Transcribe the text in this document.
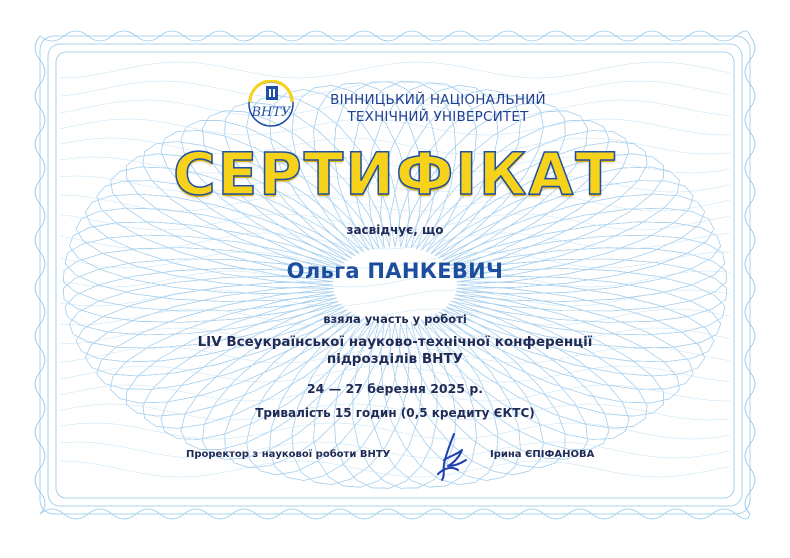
ВНТУ
ВІННИЦЬКИЙ НАЦІОНАЛЬНИЙ
ТЕХНІЧНИЙ УНІВЕРСИТЕТ
СЕРТИФІКАТ
засвідчує, що
Ольга ПАНКЕВИЧ
взяла участь у роботі
LIV Всеукраїнської науково-технічної конференції
підрозділів ВНТУ
24 — 27 березня 2025 р.
Тривалість 15 годин (0,5 кредиту ЄКТС)
Проректор з наукової роботи ВНТУ	Ірина ЄПІФАНОВА
